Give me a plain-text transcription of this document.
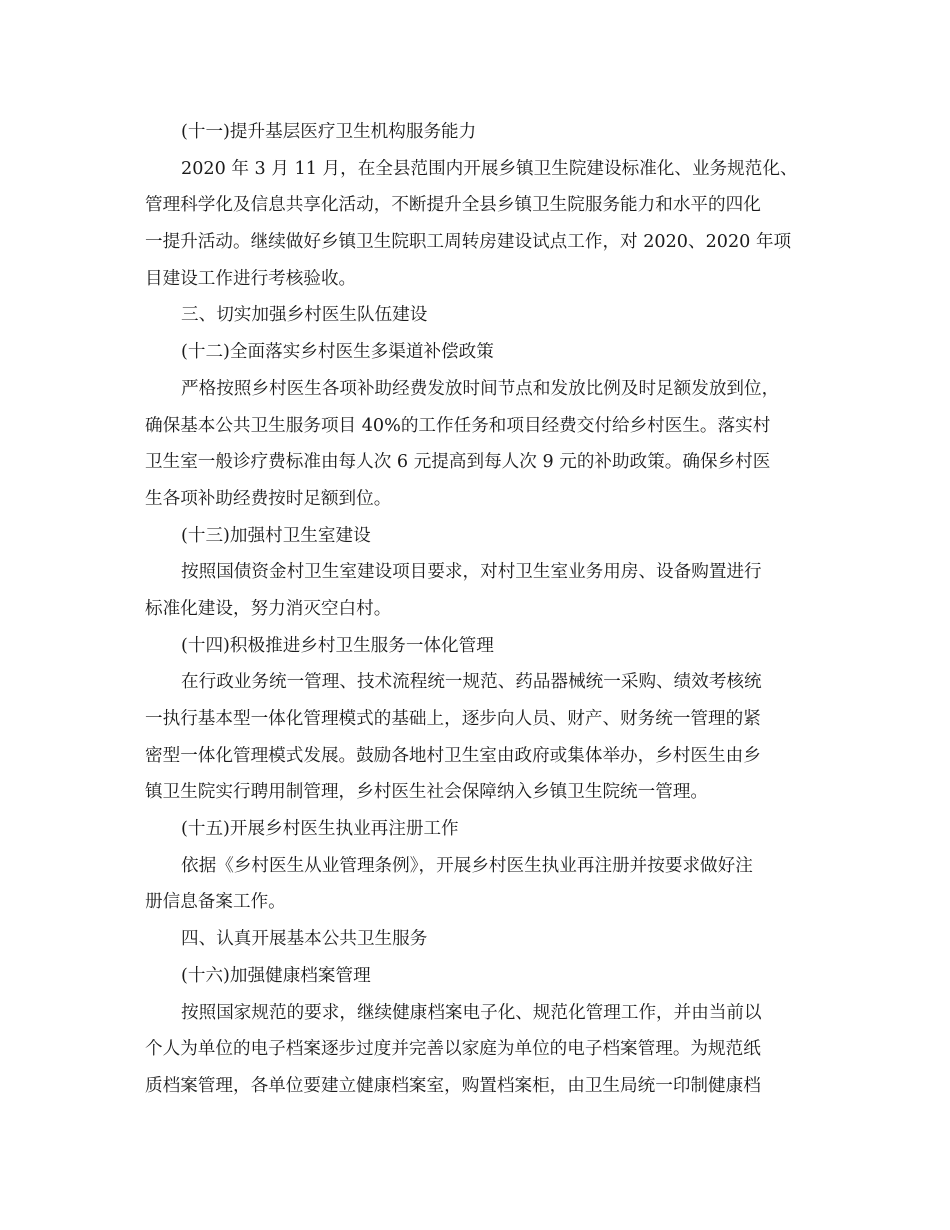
(十一)提升基层医疗卫生机构服务能力
2020 年 3 月 11 月，在全县范围内开展乡镇卫生院建设标准化、业务规范化、
管理科学化及信息共享化活动，不断提升全县乡镇卫生院服务能力和水平的四化
一提升活动。继续做好乡镇卫生院职工周转房建设试点工作，对 2020、2020 年项
目建设工作进行考核验收。
三、切实加强乡村医生队伍建设
(十二)全面落实乡村医生多渠道补偿政策
严格按照乡村医生各项补助经费发放时间节点和发放比例及时足额发放到位，
确保基本公共卫生服务项目 40%的工作任务和项目经费交付给乡村医生。落实村
卫生室一般诊疗费标准由每人次 6 元提高到每人次 9 元的补助政策。确保乡村医
生各项补助经费按时足额到位。
(十三)加强村卫生室建设
按照国债资金村卫生室建设项目要求，对村卫生室业务用房、设备购置进行
标准化建设，努力消灭空白村。
(十四)积极推进乡村卫生服务一体化管理
在行政业务统一管理、技术流程统一规范、药品器械统一采购、绩效考核统
一执行基本型一体化管理模式的基础上，逐步向人员、财产、财务统一管理的紧
密型一体化管理模式发展。鼓励各地村卫生室由政府或集体举办，乡村医生由乡
镇卫生院实行聘用制管理，乡村医生社会保障纳入乡镇卫生院统一管理。
(十五)开展乡村医生执业再注册工作
依据《乡村医生从业管理条例》，开展乡村医生执业再注册并按要求做好注
册信息备案工作。
四、认真开展基本公共卫生服务
(十六)加强健康档案管理
按照国家规范的要求，继续健康档案电子化、规范化管理工作，并由当前以
个人为单位的电子档案逐步过度并完善以家庭为单位的电子档案管理。为规范纸
质档案管理，各单位要建立健康档案室，购置档案柜，由卫生局统一印制健康档
